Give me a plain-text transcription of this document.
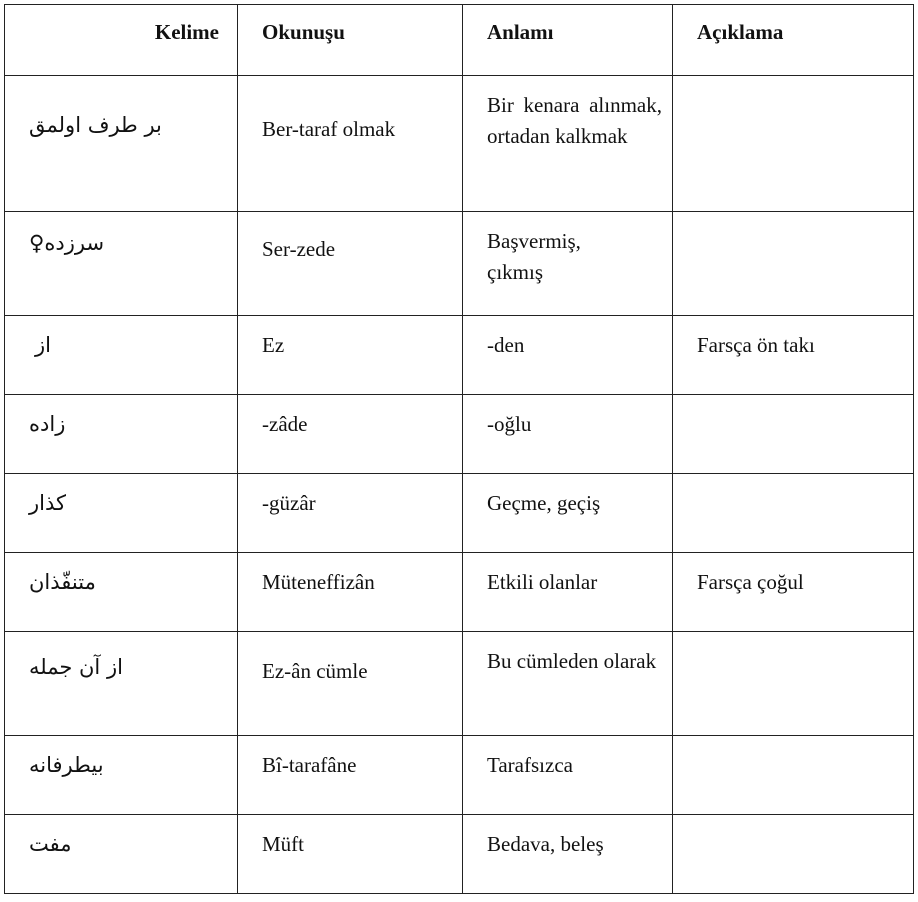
Kelime	Okunuşu	Anlamı	Açıklama
بر طرف اولمق	Ber-taraf olmak	Bir kenara alınmak, ortadan kalkmak	

سرزده♀	Ser-zede	Başvermiş, çıkmış	
از	Ez	-den	Farsça ön takı
زاده	-zâde	-oğlu	
كذار	-güzâr	Geçme, geçiş	
متنفّذان	Müteneffizân	Etkili olanlar	Farsça çoğul
از آن جمله	Ez-ân cümle	Bu cümleden olarak	

بيطرفانه	Bî-tarafâne	Tarafsızca	
مفت	Müft	Bedava, beleş	
